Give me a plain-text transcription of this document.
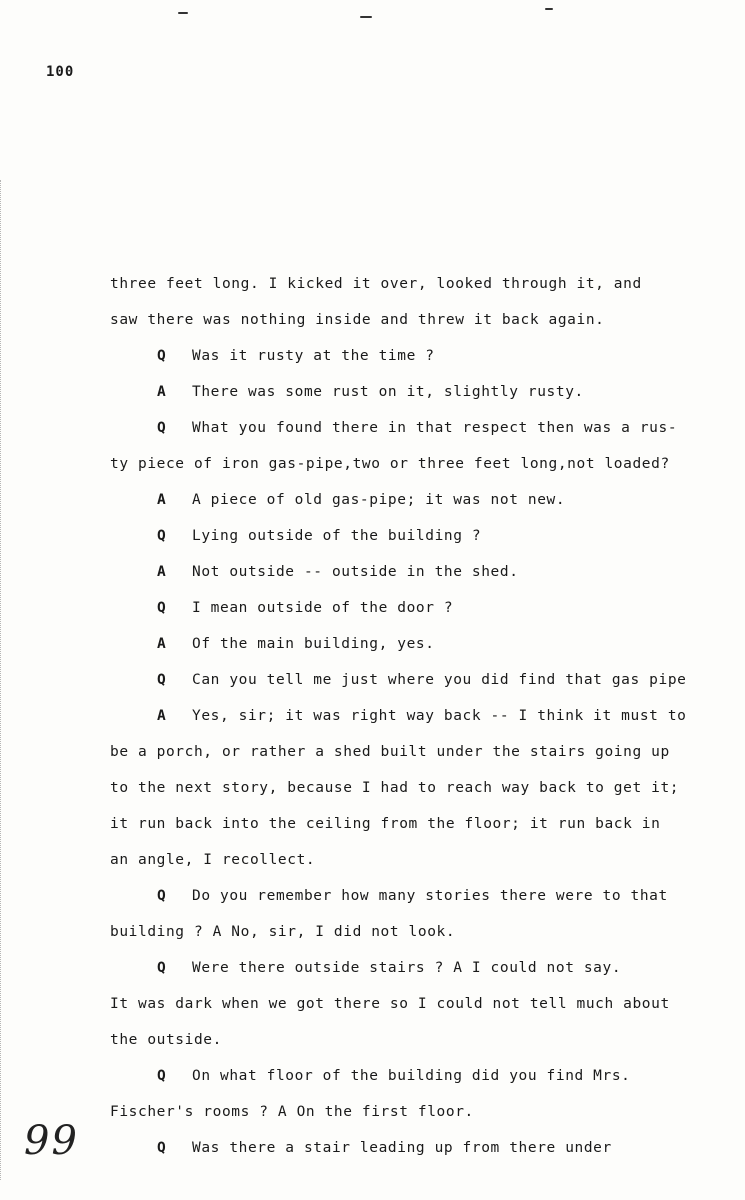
100
three feet long. I kicked it over, looked through it, and
saw there was nothing inside and threw it back again.
Q Was it rusty at the time ?
A There was some rust on it, slightly rusty.
Q What you found there in that respect then was a rus-
ty piece of iron gas-pipe,two or three feet long,not loaded?
A A piece of old gas-pipe; it was not new.
Q Lying outside of the building ?
A Not outside -- outside in the shed.
Q I mean outside of the door ?
A Of the main building, yes.
Q Can you tell me just where you did find that gas pipe
A Yes, sir; it was right way back -- I think it must to
be a porch, or rather a shed built under the stairs going up
to the next story, because I had to reach way back to get it;
it run back into the ceiling from the floor; it run back in
an angle, I recollect.
Q Do you remember how many stories there were to that
building ? A No, sir, I did not look.
Q Were there outside stairs ? A I could not say.
It was dark when we got there so I could not tell much about
the outside.
Q On what floor of the building did you find Mrs.
Fischer's rooms ? A On the first floor.
Q Was there a stair leading up from there under
99
